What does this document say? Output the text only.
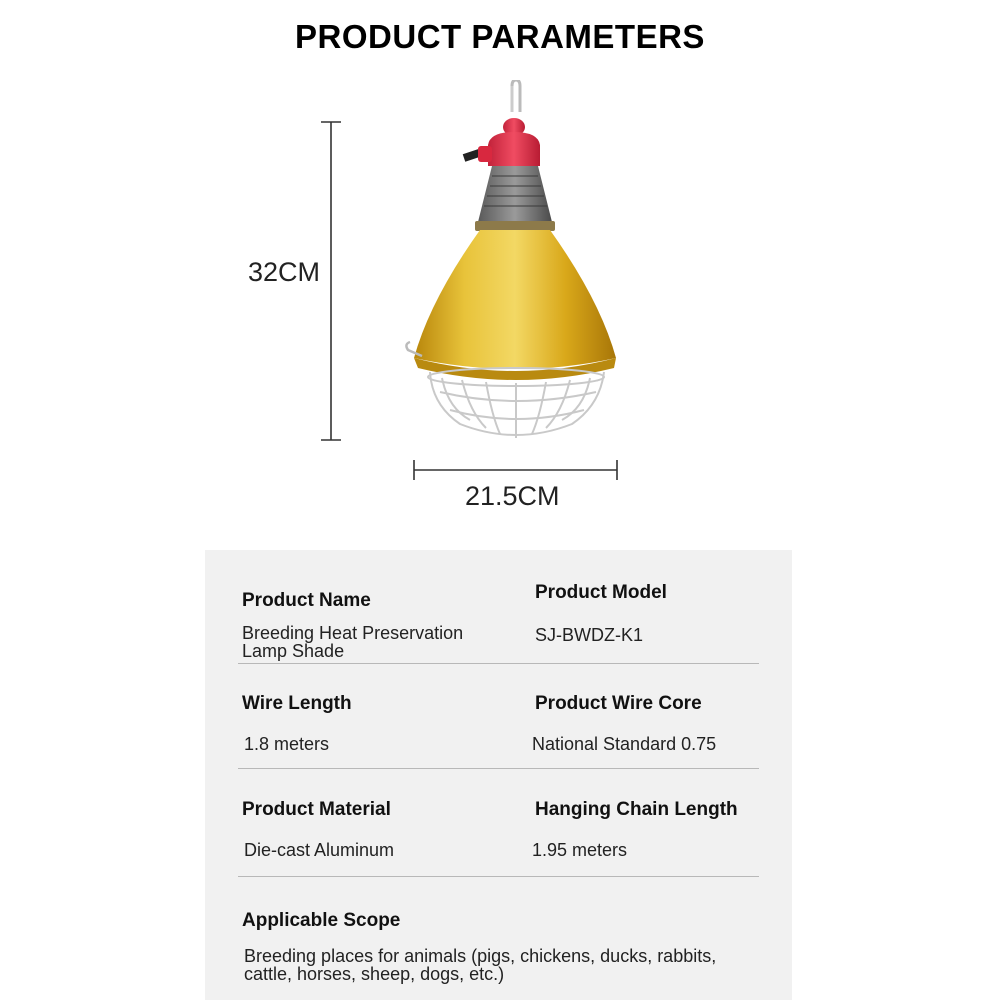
PRODUCT PARAMETERS
32CM
21.5CM
Product Name
Breeding Heat Preservation
Lamp Shade
Product Model
SJ-BWDZ-K1
Wire Length
1.8 meters
Product Wire Core
National Standard 0.75
Product Material
Die-cast Aluminum
Hanging Chain Length
1.95 meters
Applicable Scope
Breeding places for animals (pigs, chickens, ducks, rabbits,
cattle, horses, sheep, dogs, etc.)
